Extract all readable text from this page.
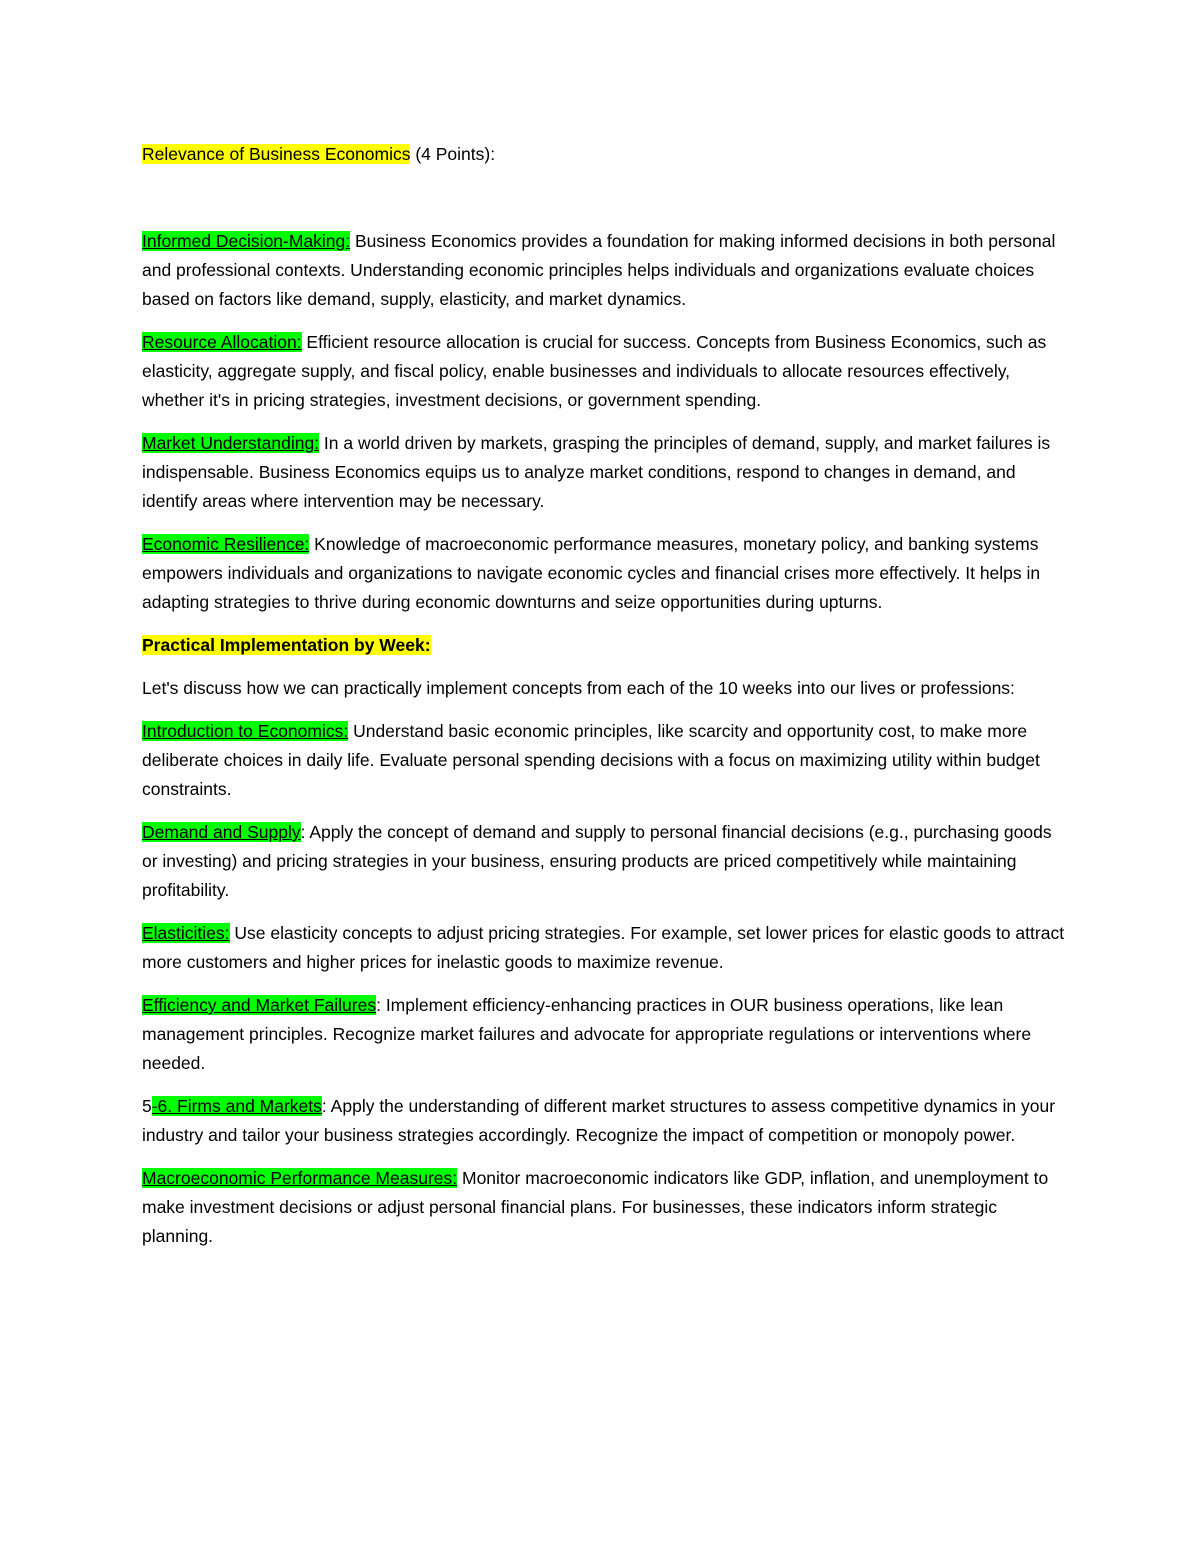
Relevance of Business Economics (4 Points):

Informed Decision-Making: Business Economics provides a foundation for making informed decisions in both personal and professional contexts. Understanding economic principles helps individuals and organizations evaluate choices based on factors like demand, supply, elasticity, and market dynamics.

Resource Allocation: Efficient resource allocation is crucial for success. Concepts from Business Economics, such as elasticity, aggregate supply, and fiscal policy, enable businesses and individuals to allocate resources effectively, whether it's in pricing strategies, investment decisions, or government spending.

Market Understanding: In a world driven by markets, grasping the principles of demand, supply, and market failures is indispensable. Business Economics equips us to analyze market conditions, respond to changes in demand, and identify areas where intervention may be necessary.

Economic Resilience: Knowledge of macroeconomic performance measures, monetary policy, and banking systems empowers individuals and organizations to navigate economic cycles and financial crises more effectively. It helps in adapting strategies to thrive during economic downturns and seize opportunities during upturns.

Practical Implementation by Week:

Let's discuss how we can practically implement concepts from each of the 10 weeks into our lives or professions:

Introduction to Economics: Understand basic economic principles, like scarcity and opportunity cost, to make more deliberate choices in daily life. Evaluate personal spending decisions with a focus on maximizing utility within budget constraints.

Demand and Supply: Apply the concept of demand and supply to personal financial decisions (e.g., purchasing goods or investing) and pricing strategies in your business, ensuring products are priced competitively while maintaining profitability.

Elasticities: Use elasticity concepts to adjust pricing strategies. For example, set lower prices for elastic goods to attract more customers and higher prices for inelastic goods to maximize revenue.

Efficiency and Market Failures: Implement efficiency-enhancing practices in OUR business operations, like lean management principles. Recognize market failures and advocate for appropriate regulations or interventions where needed.

5-6. Firms and Markets: Apply the understanding of different market structures to assess competitive dynamics in your industry and tailor your business strategies accordingly. Recognize the impact of competition or monopoly power.

Macroeconomic Performance Measures: Monitor macroeconomic indicators like GDP, inflation, and unemployment to make investment decisions or adjust personal financial plans. For businesses, these indicators inform strategic planning.
